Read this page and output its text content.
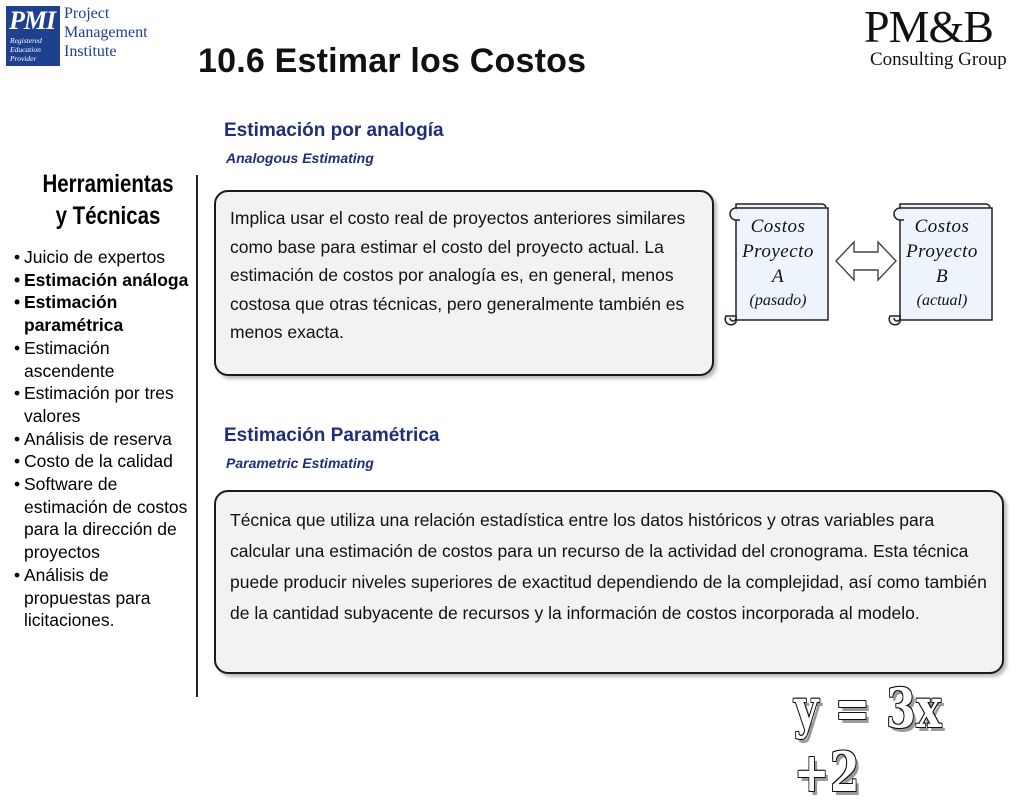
PMI
Registered
Education
Provider
Project
Management
Institute	PM&B
Consulting Group
10.6 Estimar los Costos
Herramientas
y Técnicas
• Juicio de expertos
• Estimación análoga
• Estimación paramétrica
• Estimación ascendente
• Estimación por tres valores
• Análisis de reserva
• Costo de la calidad
• Software de estimación de costos para la dirección de proyectos
• Análisis de propuestas para licitaciones.
Estimación por analogía
Analogous Estimating
Implica usar el costo real de proyectos anteriores similares como base para estimar el costo del proyecto actual. La estimación de costos por analogía es, en general, menos costosa que otras técnicas, pero generalmente también es menos exacta.
Costos
Proyecto
A
(pasado)
Costos
Proyecto
B
(actual)
Estimación Paramétrica
Parametric Estimating
Técnica que utiliza una relación estadística entre los datos históricos y otras variables para calcular una estimación de costos para un recurso de la actividad del cronograma. Esta técnica puede producir niveles superiores de exactitud dependiendo de la complejidad, así como también de la cantidad subyacente de recursos y la información de costos incorporada al modelo.
y = 3x +2
